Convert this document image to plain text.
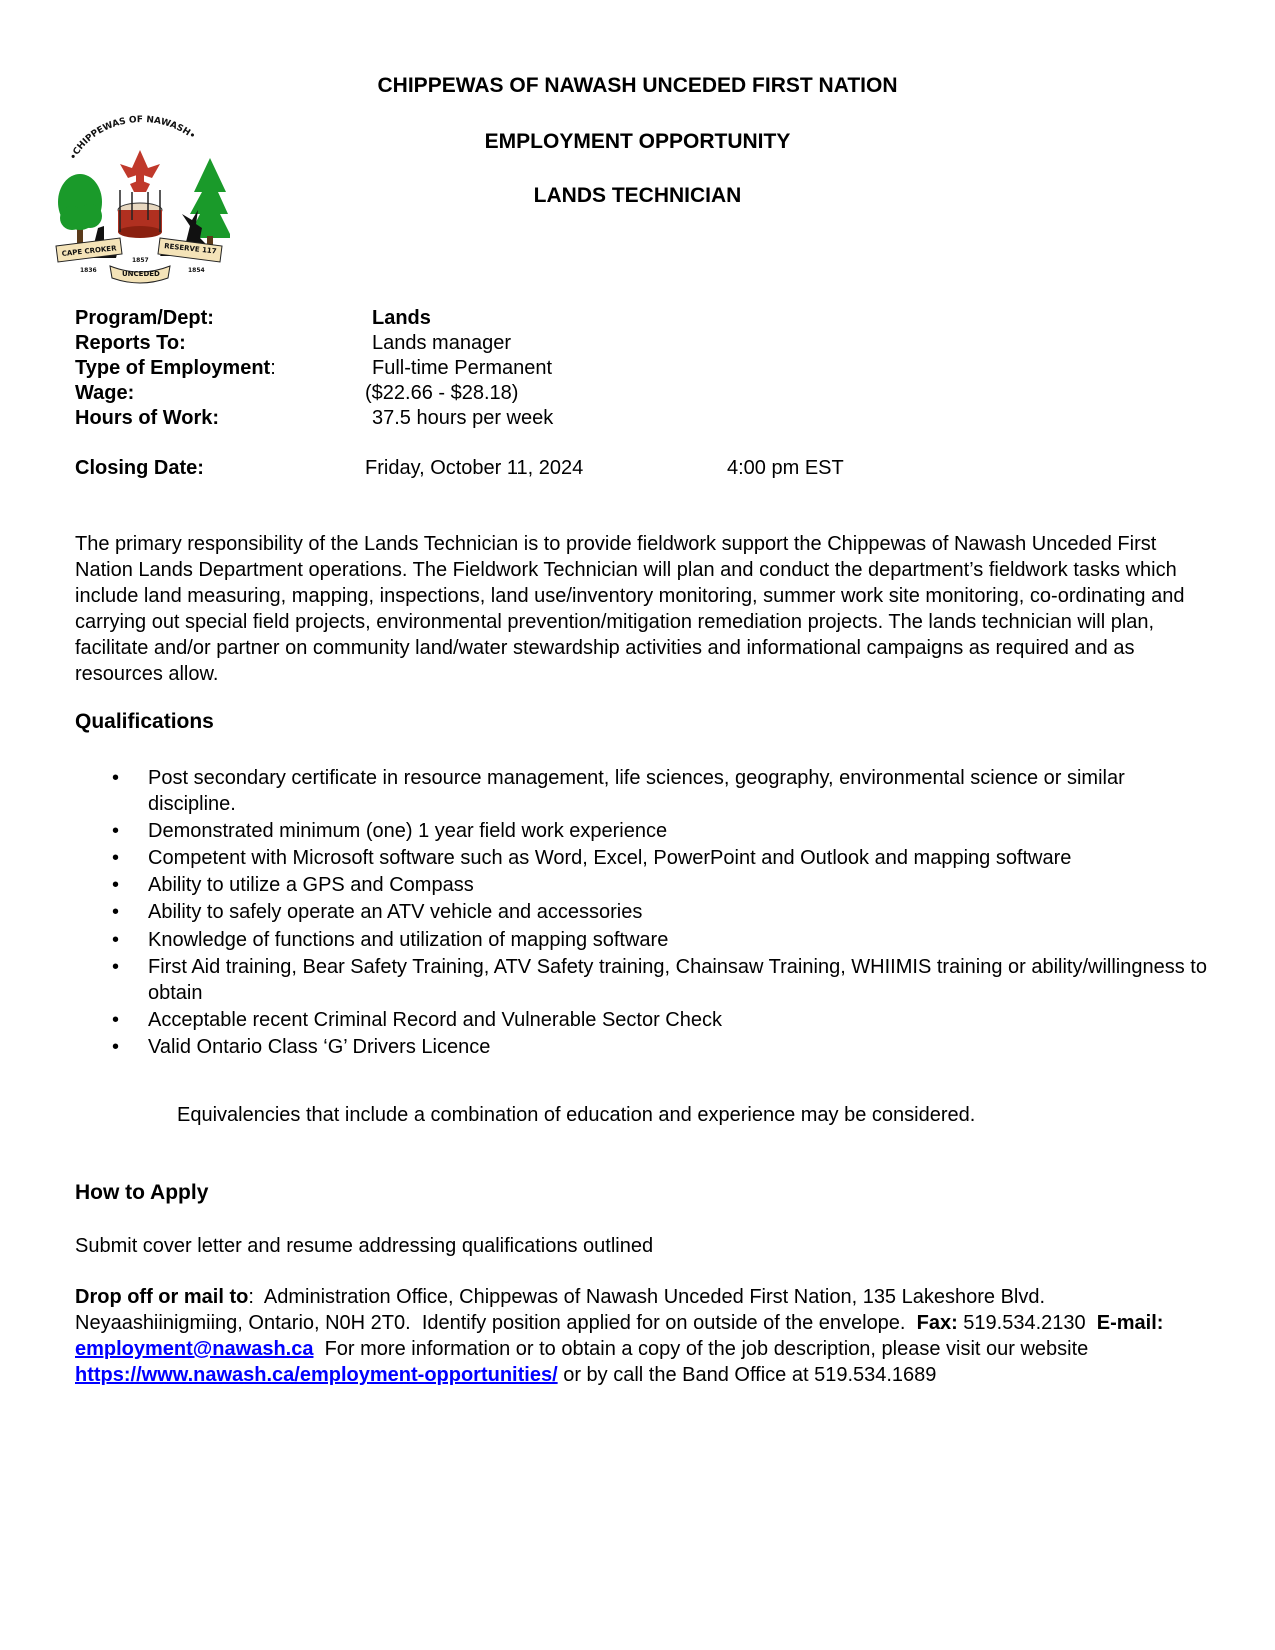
CHIPPEWAS OF NAWASH UNCEDED FIRST NATION
EMPLOYMENT OPPORTUNITY
LANDS TECHNICIAN
•CHIPPEWAS OF NAWASH•
CAPE CROKER	RESERVE 117
UNCEDED
1836
1857
1854
Program/Dept:	Lands
Reports To:	Lands manager
Type of Employment:	Full-time Permanent
Wage:	($22.66 - $28.18)
Hours of Work:	37.5 hours per week
Closing Date:	Friday, October 11, 2024	4:00 pm EST
The primary responsibility of the Lands Technician is to provide fieldwork support the Chippewas of Nawash Unceded First Nation Lands Department operations. The Fieldwork Technician will plan and conduct the department’s fieldwork tasks which include land measuring, mapping, inspections, land use/inventory monitoring, summer work site monitoring, co-ordinating and carrying out special field projects, environmental prevention/mitigation remediation projects. The lands technician will plan, facilitate and/or partner on community land/water stewardship activities and informational campaigns as required and as resources allow.
Qualifications
• Post secondary certificate in resource management, life sciences, geography, environmental science or similar discipline.
• Demonstrated minimum (one) 1 year field work experience
• Competent with Microsoft software such as Word, Excel, PowerPoint and Outlook and mapping software
• Ability to utilize a GPS and Compass
• Ability to safely operate an ATV vehicle and accessories
• Knowledge of functions and utilization of mapping software
• First Aid training, Bear Safety Training, ATV Safety training, Chainsaw Training, WHIIMIS training or ability/willingness to obtain
• Acceptable recent Criminal Record and Vulnerable Sector Check
• Valid Ontario Class ‘G’ Drivers Licence
Equivalencies that include a combination of education and experience may be considered.
How to Apply
Submit cover letter and resume addressing qualifications outlined
Drop off or mail to:  Administration Office, Chippewas of Nawash Unceded First Nation, 135 Lakeshore Blvd. Neyaashiinigmiing, Ontario, N0H 2T0.  Identify position applied for on outside of the envelope.  Fax: 519.534.2130  E-mail: employment@nawash.ca  For more information or to obtain a copy of the job description, please visit our website https://www.nawash.ca/employment-opportunities/ or by call the Band Office at 519.534.1689
